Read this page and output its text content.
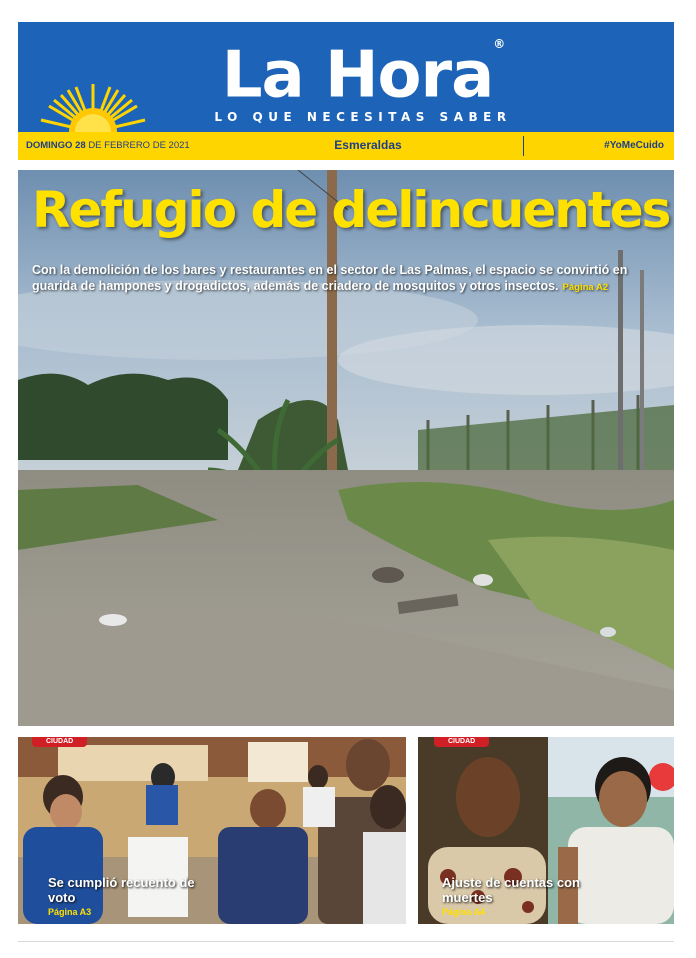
La Hora®
LO QUE NECESITAS SABER
DOMINGO 28 DE FEBRERO DE 2021	Esmeraldas	#YoMeCuido
Refugio de delincuentes
Con la demolición de los bares y restaurantes en el sector de Las Palmas, el espacio se convirtió en guarida de hampones y drogadictos, además de criadero de mosquitos y otros insectos. Página A2
CIUDAD
Se cumplió recuento de voto
Página A3
CIUDAD
Ajuste de cuentas con muertes
Página A4
